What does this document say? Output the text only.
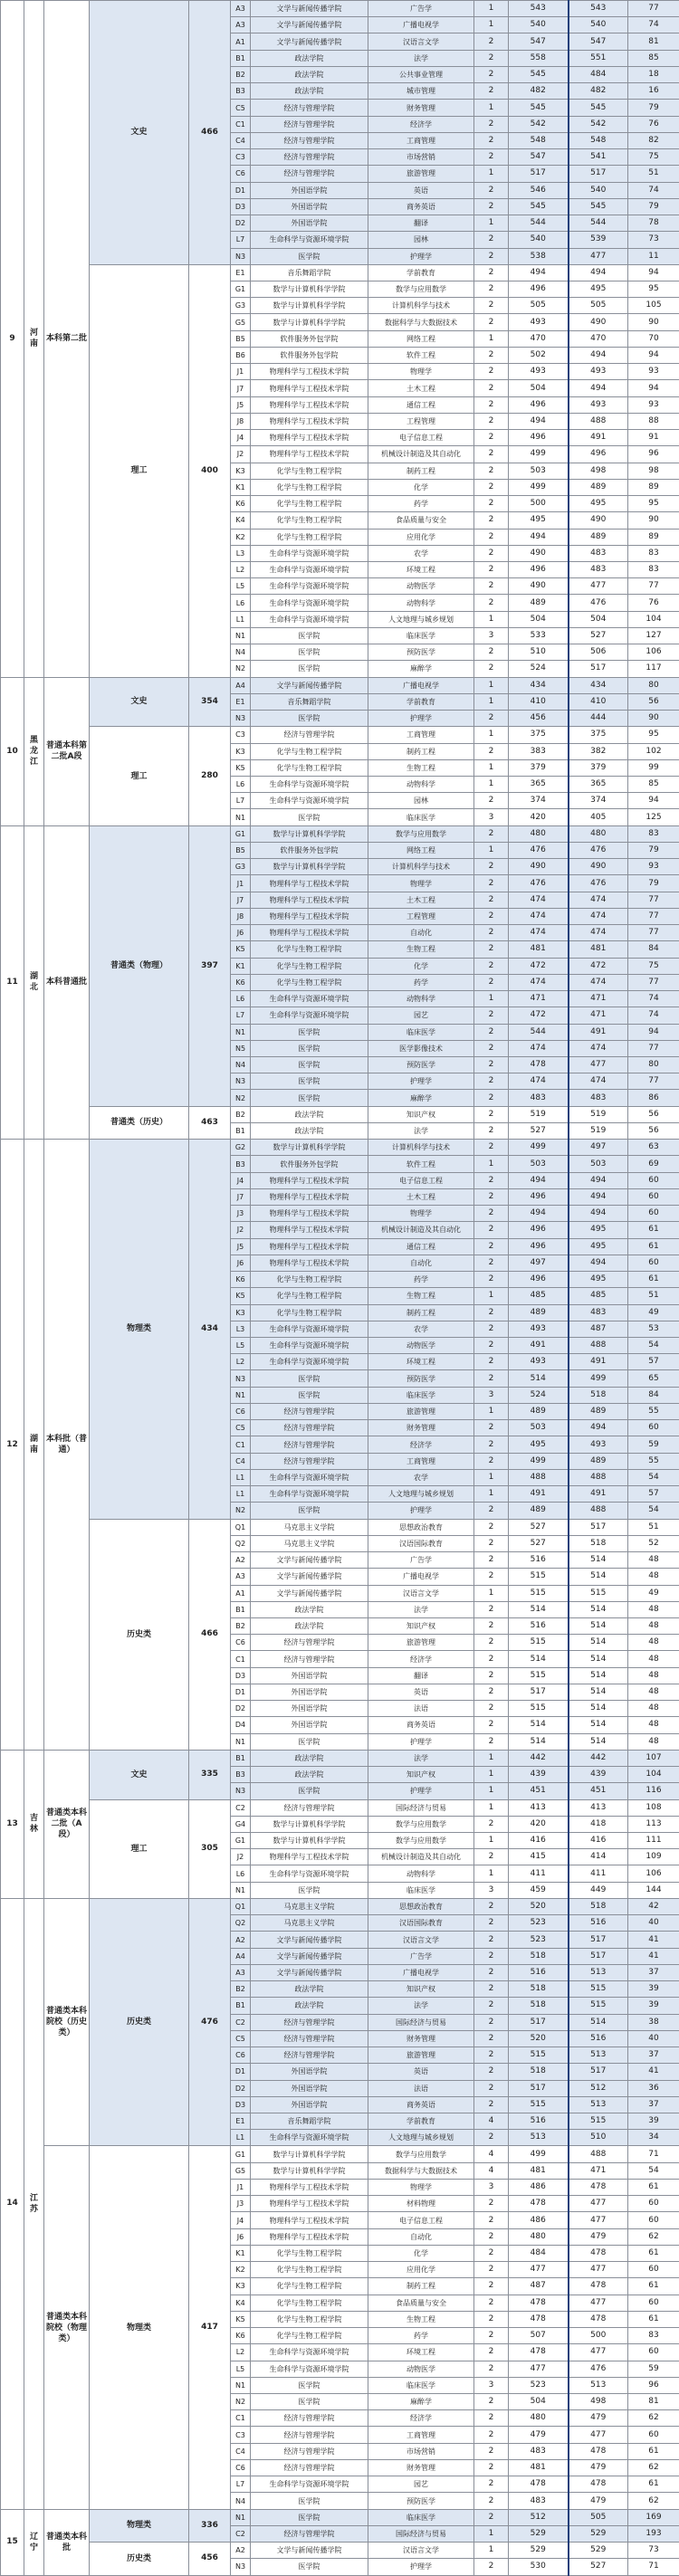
9	河南	本科第二批	文史	466	A3	文学与新闻传播学院	广告学	1	543	543	77
					A3	文学与新闻传播学院	广播电视学	1	540	540	74
					A1	文学与新闻传播学院	汉语言文学	2	547	547	81
					B1	政法学院	法学	2	558	551	85
					B2	政法学院	公共事业管理	2	545	484	18
					B3	政法学院	城市管理	2	482	482	16
					C5	经济与管理学院	财务管理	1	545	545	79
					C1	经济与管理学院	经济学	2	542	542	76
					C4	经济与管理学院	工商管理	2	548	548	82
					C3	经济与管理学院	市场营销	2	547	541	75
					C6	经济与管理学院	旅游管理	1	517	517	51
					D1	外国语学院	英语	2	546	540	74
					D3	外国语学院	商务英语	2	545	545	79
					D2	外国语学院	翻译	1	544	544	78
					L7	生命科学与资源环境学院	园林	2	540	539	73
					N3	医学院	护理学	2	538	477	11
			理工	400	E1	音乐舞蹈学院	学前教育	2	494	494	94
					G1	数学与计算机科学学院	数学与应用数学	2	496	495	95
					G3	数学与计算机科学学院	计算机科学与技术	2	505	505	105
					G5	数学与计算机科学学院	数据科学与大数据技术	2	493	490	90
					B5	软件服务外包学院	网络工程	1	470	470	70
					B6	软件服务外包学院	软件工程	2	502	494	94
					J1	物理科学与工程技术学院	物理学	2	493	493	93
					J7	物理科学与工程技术学院	土木工程	2	504	494	94
					J5	物理科学与工程技术学院	通信工程	2	496	493	93
					J8	物理科学与工程技术学院	工程管理	2	494	488	88
					J4	物理科学与工程技术学院	电子信息工程	2	496	491	91
					J2	物理科学与工程技术学院	机械设计制造及其自动化	2	499	496	96
					K3	化学与生物工程学院	制药工程	2	503	498	98
					K1	化学与生物工程学院	化学	2	499	489	89
					K6	化学与生物工程学院	药学	2	500	495	95
					K4	化学与生物工程学院	食品质量与安全	2	495	490	90
					K2	化学与生物工程学院	应用化学	2	494	489	89
					L3	生命科学与资源环境学院	农学	2	490	483	83
					L2	生命科学与资源环境学院	环境工程	2	496	483	83
					L5	生命科学与资源环境学院	动物医学	2	490	477	77
					L6	生命科学与资源环境学院	动物科学	2	489	476	76
					L1	生命科学与资源环境学院	人文地理与城乡规划	1	504	504	104
					N1	医学院	临床医学	3	533	527	127
					N4	医学院	预防医学	2	510	506	106
					N2	医学院	麻醉学	2	524	517	117
10	黑龙江	普通本科第二批A段	文史	354	A4	文学与新闻传播学院	广播电视学	1	434	434	80
					E1	音乐舞蹈学院	学前教育	1	410	410	56
					N3	医学院	护理学	2	456	444	90
			理工	280	C3	经济与管理学院	工商管理	1	375	375	95
					K3	化学与生物工程学院	制药工程	2	383	382	102
					K5	化学与生物工程学院	生物工程	1	379	379	99
					L6	生命科学与资源环境学院	动物科学	1	365	365	85
					L7	生命科学与资源环境学院	园林	2	374	374	94
					N1	医学院	临床医学	3	420	405	125
11	湖北	本科普通批	普通类（物理）	397	G1	数学与计算机科学学院	数学与应用数学	2	480	480	83
					B5	软件服务外包学院	网络工程	1	476	476	79
					G3	数学与计算机科学学院	计算机科学与技术	2	490	490	93
					J1	物理科学与工程技术学院	物理学	2	476	476	79
					J7	物理科学与工程技术学院	土木工程	2	474	474	77
					J8	物理科学与工程技术学院	工程管理	2	474	474	77
					J6	物理科学与工程技术学院	自动化	2	474	474	77
					K5	化学与生物工程学院	生物工程	2	481	481	84
					K1	化学与生物工程学院	化学	2	472	472	75
					K6	化学与生物工程学院	药学	2	474	474	77
					L6	生命科学与资源环境学院	动物科学	1	471	471	74
					L7	生命科学与资源环境学院	园艺	2	472	471	74
					N1	医学院	临床医学	2	544	491	94
					N5	医学院	医学影像技术	2	474	474	77
					N4	医学院	预防医学	2	478	477	80
					N3	医学院	护理学	2	474	474	77
					N2	医学院	麻醉学	2	483	483	86
			普通类（历史）	463	B2	政法学院	知识产权	2	519	519	56
					B1	政法学院	法学	2	527	519	56
12	湖南	本科批（普通）	物理类	434	G2	数学与计算机科学学院	计算机科学与技术	2	499	497	63
					B3	软件服务外包学院	软件工程	1	503	503	69
					J4	物理科学与工程技术学院	电子信息工程	2	494	494	60
					J7	物理科学与工程技术学院	土木工程	2	496	494	60
					J3	物理科学与工程技术学院	物理学	2	494	494	60
					J2	物理科学与工程技术学院	机械设计制造及其自动化	2	496	495	61
					J5	物理科学与工程技术学院	通信工程	2	496	495	61
					J6	物理科学与工程技术学院	自动化	2	497	494	60
					K6	化学与生物工程学院	药学	2	496	495	61
					K5	化学与生物工程学院	生物工程	1	485	485	51
					K3	化学与生物工程学院	制药工程	2	489	483	49
					L3	生命科学与资源环境学院	农学	2	493	487	53
					L5	生命科学与资源环境学院	动物医学	2	491	488	54
					L2	生命科学与资源环境学院	环境工程	2	493	491	57
					N3	医学院	预防医学	2	514	499	65
					N1	医学院	临床医学	3	524	518	84
					C6	经济与管理学院	旅游管理	1	489	489	55
					C5	经济与管理学院	财务管理	2	503	494	60
					C1	经济与管理学院	经济学	2	495	493	59
					C4	经济与管理学院	工商管理	2	499	489	55
					L1	生命科学与资源环境学院	农学	1	488	488	54
					L1	生命科学与资源环境学院	人文地理与城乡规划	1	491	491	57
					N2	医学院	护理学	2	489	488	54
			历史类	466	Q1	马克思主义学院	思想政治教育	2	527	517	51
					Q2	马克思主义学院	汉语国际教育	2	527	518	52
					A2	文学与新闻传播学院	广告学	2	516	514	48
					A3	文学与新闻传播学院	广播电视学	2	515	514	48
					A1	文学与新闻传播学院	汉语言文学	1	515	515	49
					B1	政法学院	法学	2	514	514	48
					B2	政法学院	知识产权	2	516	514	48
					C6	经济与管理学院	旅游管理	2	515	514	48
					C1	经济与管理学院	经济学	2	514	514	48
					D3	外国语学院	翻译	2	515	514	48
					D1	外国语学院	英语	2	517	514	48
					D2	外国语学院	法语	2	515	514	48
					D4	外国语学院	商务英语	2	514	514	48
					N1	医学院	护理学	2	514	514	48
13	吉林	普通类本科二批（A段）	文史	335	B1	政法学院	法学	1	442	442	107
					B3	政法学院	知识产权	1	439	439	104
					N3	医学院	护理学	1	451	451	116
			理工	305	C2	经济与管理学院	国际经济与贸易	1	413	413	108
					G4	数学与计算机科学学院	数学与应用数学	2	420	418	113
					G1	数学与计算机科学学院	数学与应用数学	1	416	416	111
					J2	物理科学与工程技术学院	机械设计制造及其自动化	2	415	414	109
					L6	生命科学与资源环境学院	动物科学	1	411	411	106
					N1	医学院	临床医学	3	459	449	144
14	江苏	普通类本科院校（历史类）	历史类	476	Q1	马克思主义学院	思想政治教育	2	520	518	42
					Q2	马克思主义学院	汉语国际教育	2	523	516	40
					A2	文学与新闻传播学院	汉语言文学	2	523	517	41
					A4	文学与新闻传播学院	广告学	2	518	517	41
					A3	文学与新闻传播学院	广播电视学	2	516	513	37
					B2	政法学院	知识产权	2	518	515	39
					B1	政法学院	法学	2	518	515	39
					C2	经济与管理学院	国际经济与贸易	2	517	514	38
					C5	经济与管理学院	财务管理	2	520	516	40
					C6	经济与管理学院	旅游管理	2	515	513	37
					D1	外国语学院	英语	2	518	517	41
					D2	外国语学院	法语	2	517	512	36
					D3	外国语学院	商务英语	2	515	513	37
					E1	音乐舞蹈学院	学前教育	4	516	515	39
					L1	生命科学与资源环境学院	人文地理与城乡规划	2	513	510	34
		普通类本科院校（物理类）	物理类	417	G1	数学与计算机科学学院	数学与应用数学	4	499	488	71
					G5	数学与计算机科学学院	数据科学与大数据技术	4	481	471	54
					J1	物理科学与工程技术学院	物理学	3	486	478	61
					J3	物理科学与工程技术学院	材料物理	2	478	477	60
					J4	物理科学与工程技术学院	电子信息工程	2	486	477	60
					J6	物理科学与工程技术学院	自动化	2	480	479	62
					K1	化学与生物工程学院	化学	2	484	478	61
					K2	化学与生物工程学院	应用化学	2	477	477	60
					K3	化学与生物工程学院	制药工程	2	487	478	61
					K4	化学与生物工程学院	食品质量与安全	2	478	477	60
					K5	化学与生物工程学院	生物工程	2	478	478	61
					K6	化学与生物工程学院	药学	2	507	500	83
					L2	生命科学与资源环境学院	环境工程	2	478	477	60
					L5	生命科学与资源环境学院	动物医学	2	477	476	59
					N1	医学院	临床医学	3	523	513	96
					N2	医学院	麻醉学	2	504	498	81
					C1	经济与管理学院	经济学	2	480	479	62
					C3	经济与管理学院	工商管理	2	479	477	60
					C4	经济与管理学院	市场营销	2	483	478	61
					C6	经济与管理学院	财务管理	2	481	479	62
					L7	生命科学与资源环境学院	园艺	2	478	478	61
					N4	医学院	预防医学	2	483	479	62
15	辽宁	普通类本科批	物理类	336	N1	医学院	临床医学	2	512	505	169
					C2	经济与管理学院	国际经济与贸易	1	529	529	193
			历史类	456	A2	文学与新闻传播学院	汉语言文学	1	529	529	73
					N3	医学院	护理学	2	530	527	71
